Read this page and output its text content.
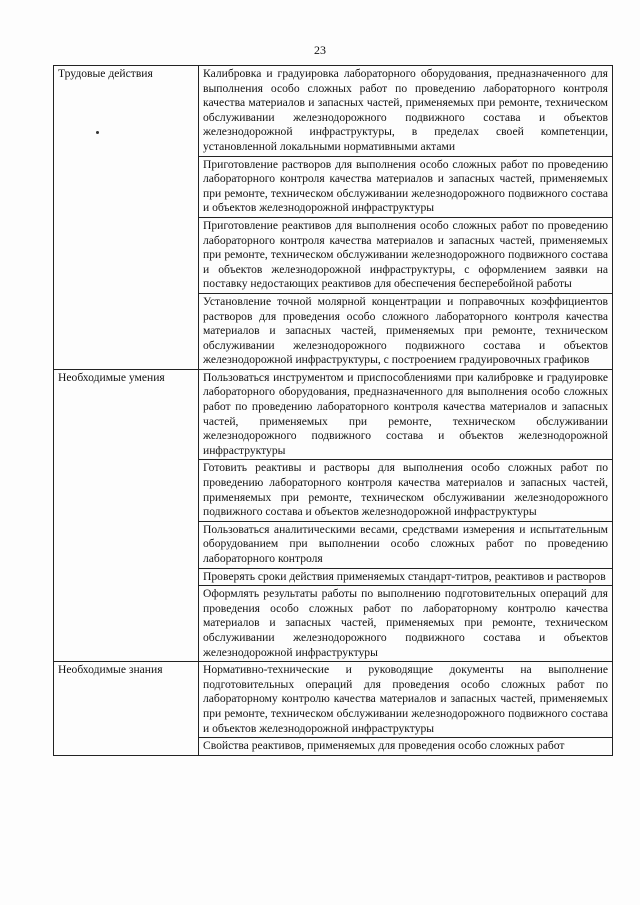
23
Трудовые действия	Калибровка и градуировка лабораторного оборудования, предназначенного для выполнения особо сложных работ по проведению лабораторного контроля качества материалов и запасных частей, применяемых при ремонте, техническом обслуживании железнодорожного подвижного состава и объектов железнодорожной инфраструктуры, в пределах своей компетенции, установленной локальными нормативными актами
	Приготовление растворов для выполнения особо сложных работ по проведению лабораторного контроля качества материалов и запасных частей, применяемых при ремонте, техническом обслуживании железнодорожного подвижного состава и объектов железнодорожной инфраструктуры
	Приготовление реактивов для выполнения особо сложных работ по проведению лабораторного контроля качества материалов и запасных частей, применяемых при ремонте, техническом обслуживании железнодорожного подвижного состава и объектов железнодорожной инфраструктуры, с оформлением заявки на поставку недостающих реактивов для обеспечения бесперебойной работы
	Установление точной молярной концентрации и поправочных коэффициентов растворов для проведения особо сложного лабораторного контроля качества материалов и запасных частей, применяемых при ремонте, техническом обслуживании железнодорожного подвижного состава и объектов железнодорожной инфраструктуры, с построением градуировочных графиков
Необходимые умения	Пользоваться инструментом и приспособлениями при калибровке и градуировке лабораторного оборудования, предназначенного для выполнения особо сложных работ по проведению лабораторного контроля качества материалов и запасных частей, применяемых при ремонте, техническом обслуживании железнодорожного подвижного состава и объектов железнодорожной инфраструктуры
	Готовить реактивы и растворы для выполнения особо сложных работ по проведению лабораторного контроля качества материалов и запасных частей, применяемых при ремонте, техническом обслуживании железнодорожного подвижного состава и объектов железнодорожной инфраструктуры
	Пользоваться аналитическими весами, средствами измерения и испытательным оборудованием при выполнении особо сложных работ по проведению лабораторного контроля
	Проверять сроки действия применяемых стандарт-титров, реактивов и растворов
	Оформлять результаты работы по выполнению подготовительных операций для проведения особо сложных работ по лабораторному контролю качества материалов и запасных частей, применяемых при ремонте, техническом обслуживании железнодорожного подвижного состава и объектов железнодорожной инфраструктуры
Необходимые знания	Нормативно-технические и руководящие документы на выполнение подготовительных операций для проведения особо сложных работ по лабораторному контролю качества материалов и запасных частей, применяемых при ремонте, техническом обслуживании железнодорожного подвижного состава и объектов железнодорожной инфраструктуры
	Свойства реактивов, применяемых для проведения особо сложных работ
